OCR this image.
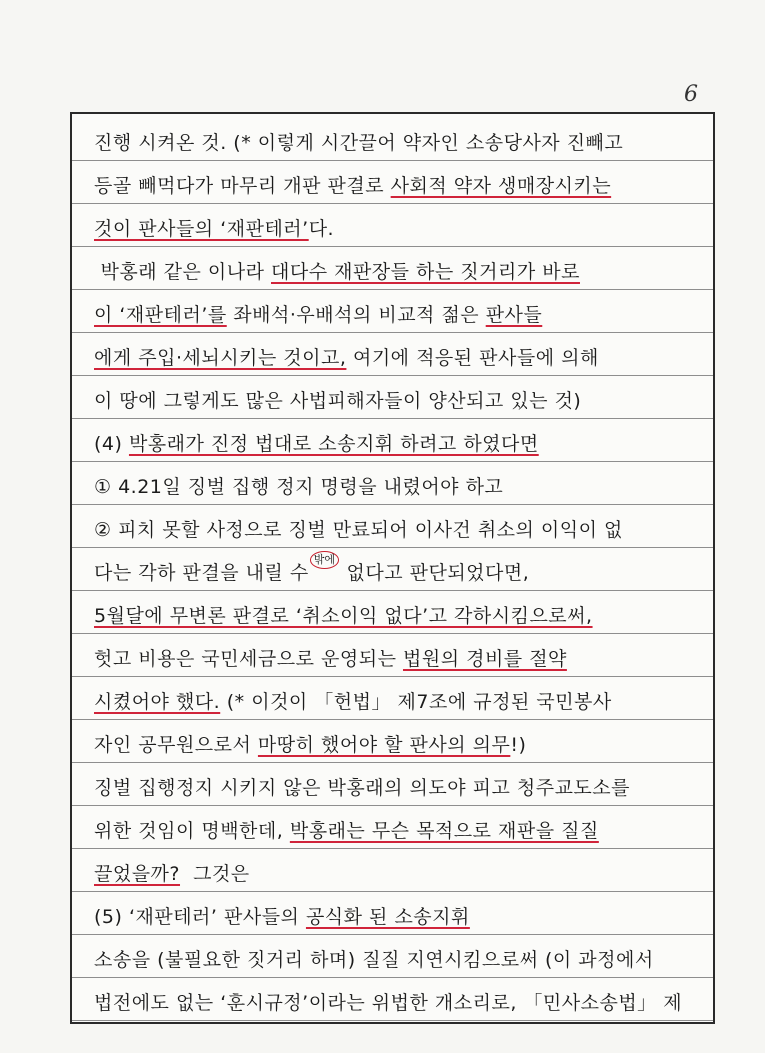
6
진행 시켜온 것. (* 이렇게 시간끌어 약자인 소송당사자 진빼고
등골 빼먹다가 마무리 개판 판결로 사회적 약자 생매장시키는
것이 판사들의 ‘재판테러’다.
박홍래 같은 이나라 대다수 재판장들 하는 짓거리가 바로
이 ‘재판테러’를 좌배석·우배석의 비교적 젊은 판사들
에게 주입·세뇌시키는 것이고, 여기에 적응된 판사들에 의해
이 땅에 그렇게도 많은 사법피해자들이 양산되고 있는 것)
(4) 박홍래가 진정 법대로 소송지휘 하려고 하였다면
① 4.21일 징벌 집행 정지 명령을 내렸어야 하고
② 피치 못할 사정으로 징벌 만료되어 이사건 취소의 이익이 없
다는 각하 판결을 내릴 수밖에 없다고 판단되었다면,
5월달에 무변론 판결로 ‘취소이익 없다’고 각하시킴으로써,
헛고 비용은 국민세금으로 운영되는 법원의 경비를 절약
시켰어야 했다. (* 이것이 「헌법」 제7조에 규정된 국민봉사
자인 공무원으로서 마땅히 했어야 할 판사의 의무!)
징벌 집행정지 시키지 않은 박홍래의 의도야 피고 청주교도소를
위한 것임이 명백한데, 박홍래는 무슨 목적으로 재판을 질질
끌었을까?  그것은
(5) ‘재판테러’ 판사들의 공식화 된 소송지휘
소송을 (불필요한 짓거리 하며) 질질 지연시킴으로써 (이 과정에서
법전에도 없는 ‘훈시규정’이라는 위법한 개소리로, 「민사소송법」 제
